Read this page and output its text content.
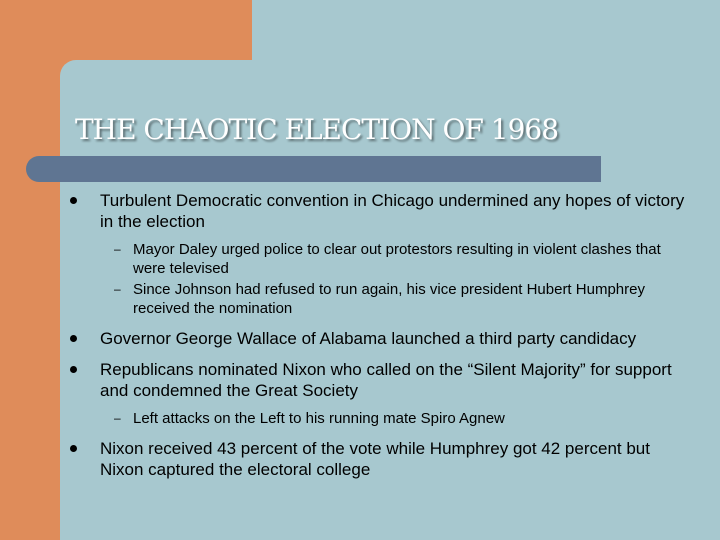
THE CHAOTIC ELECTION OF 1968
Turbulent Democratic convention in Chicago undermined any hopes of victory in the election
– Mayor Daley urged police to clear out protestors resulting in violent clashes that were televised
– Since Johnson had refused to run again, his vice president Hubert Humphrey received the nomination
Governor George Wallace of Alabama launched a third party candidacy
Republicans nominated Nixon who called on the “Silent Majority” for support and condemned the Great Society
– Left attacks on the Left to his running mate Spiro Agnew
Nixon received 43 percent of the vote while Humphrey got 42 percent but Nixon captured the electoral college
